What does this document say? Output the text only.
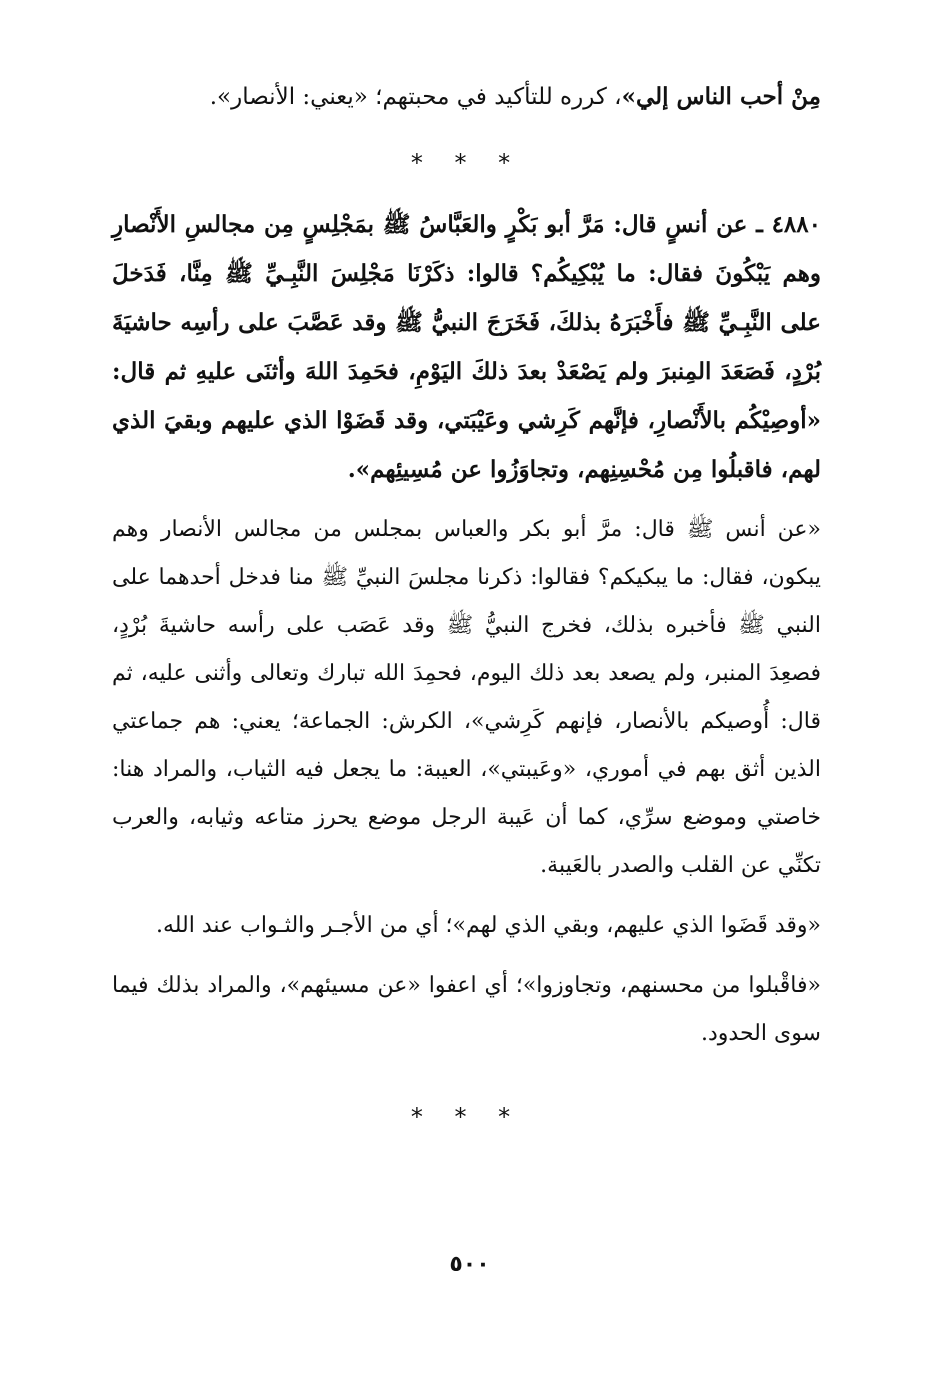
مِنْ أحب الناس إلي»، كرره للتأكيد في محبتهم؛ «يعني: الأنصار».

* * *

٤٨٨٠ ـ عن أنسٍ قال: مَرَّ أبو بَكْرٍ والعَبَّاسُ ﷺ بمَجْلِسٍ مِن مجالسِ الأَنْصارِ وهم يَبْكُونَ فقال: ما يُبْكِيكُم؟ قالوا: ذكَرْنَا مَجْلِسَ النَّبِـيِّ ﷺ مِنَّا، فَدَخلَ على النَّبِـيِّ ﷺ فأَخْبَرَهُ بذلكَ، فَخَرَجَ النبيُّ ﷺ وقد عَصَّبَ على رأسِه حاشيَةَ بُرْدٍ، فَصَعَدَ المِنبرَ ولم يَصْعَدْ بعدَ ذلكَ اليَوْمِ، فحَمِدَ اللهَ وأثنَى عليهِ ثم قال: «أوصِيْكُم بالأَنْصارِ، فإنَّهم كَرِشي وعَيْبَتي، وقد قَضَوْا الذي عليهم وبقيَ الذي لهم، فاقبلُوا مِن مُحْسِنِهم، وتجاوَزُوا عن مُسِيئِهم».

«عن أنس ﷺ قال: مرَّ أبو بكر والعباس بمجلس من مجالس الأنصار وهم يبكون، فقال: ما يبكيكم؟ فقالوا: ذكرنا مجلسَ النبيِّ ﷺ منا فدخل أحدهما على النبي ﷺ فأخبره بذلك، فخرج النبيُّ ﷺ وقد عَصَب على رأسه حاشيةَ بُرْدٍ، فصعِدَ المنبر، ولم يصعد بعد ذلك اليوم، فحمِدَ الله تبارك وتعالى وأثنى عليه، ثم قال: أُوصيكم بالأنصار، فإنهم كَرِشي»، الكرش: الجماعة؛ يعني: هم جماعتي الذين أثق بهم في أموري، «وعَيبتي»، العيبة: ما يجعل فيه الثياب، والمراد هنا: خاصتي وموضع سرِّي، كما أن عَيبة الرجل موضع يحرز متاعه وثيابه، والعرب تكنِّي عن القلب والصدر بالعَيبة.

«وقد قَضَوا الذي عليهم، وبقي الذي لهم»؛ أي من الأجـر والثـواب عند الله.

«فاقْبلوا من محسنهم، وتجاوزوا»؛ أي اعفوا «عن مسيئهم»، والمراد بذلك فيما سوى الحدود.

* * *
٥٠٠
